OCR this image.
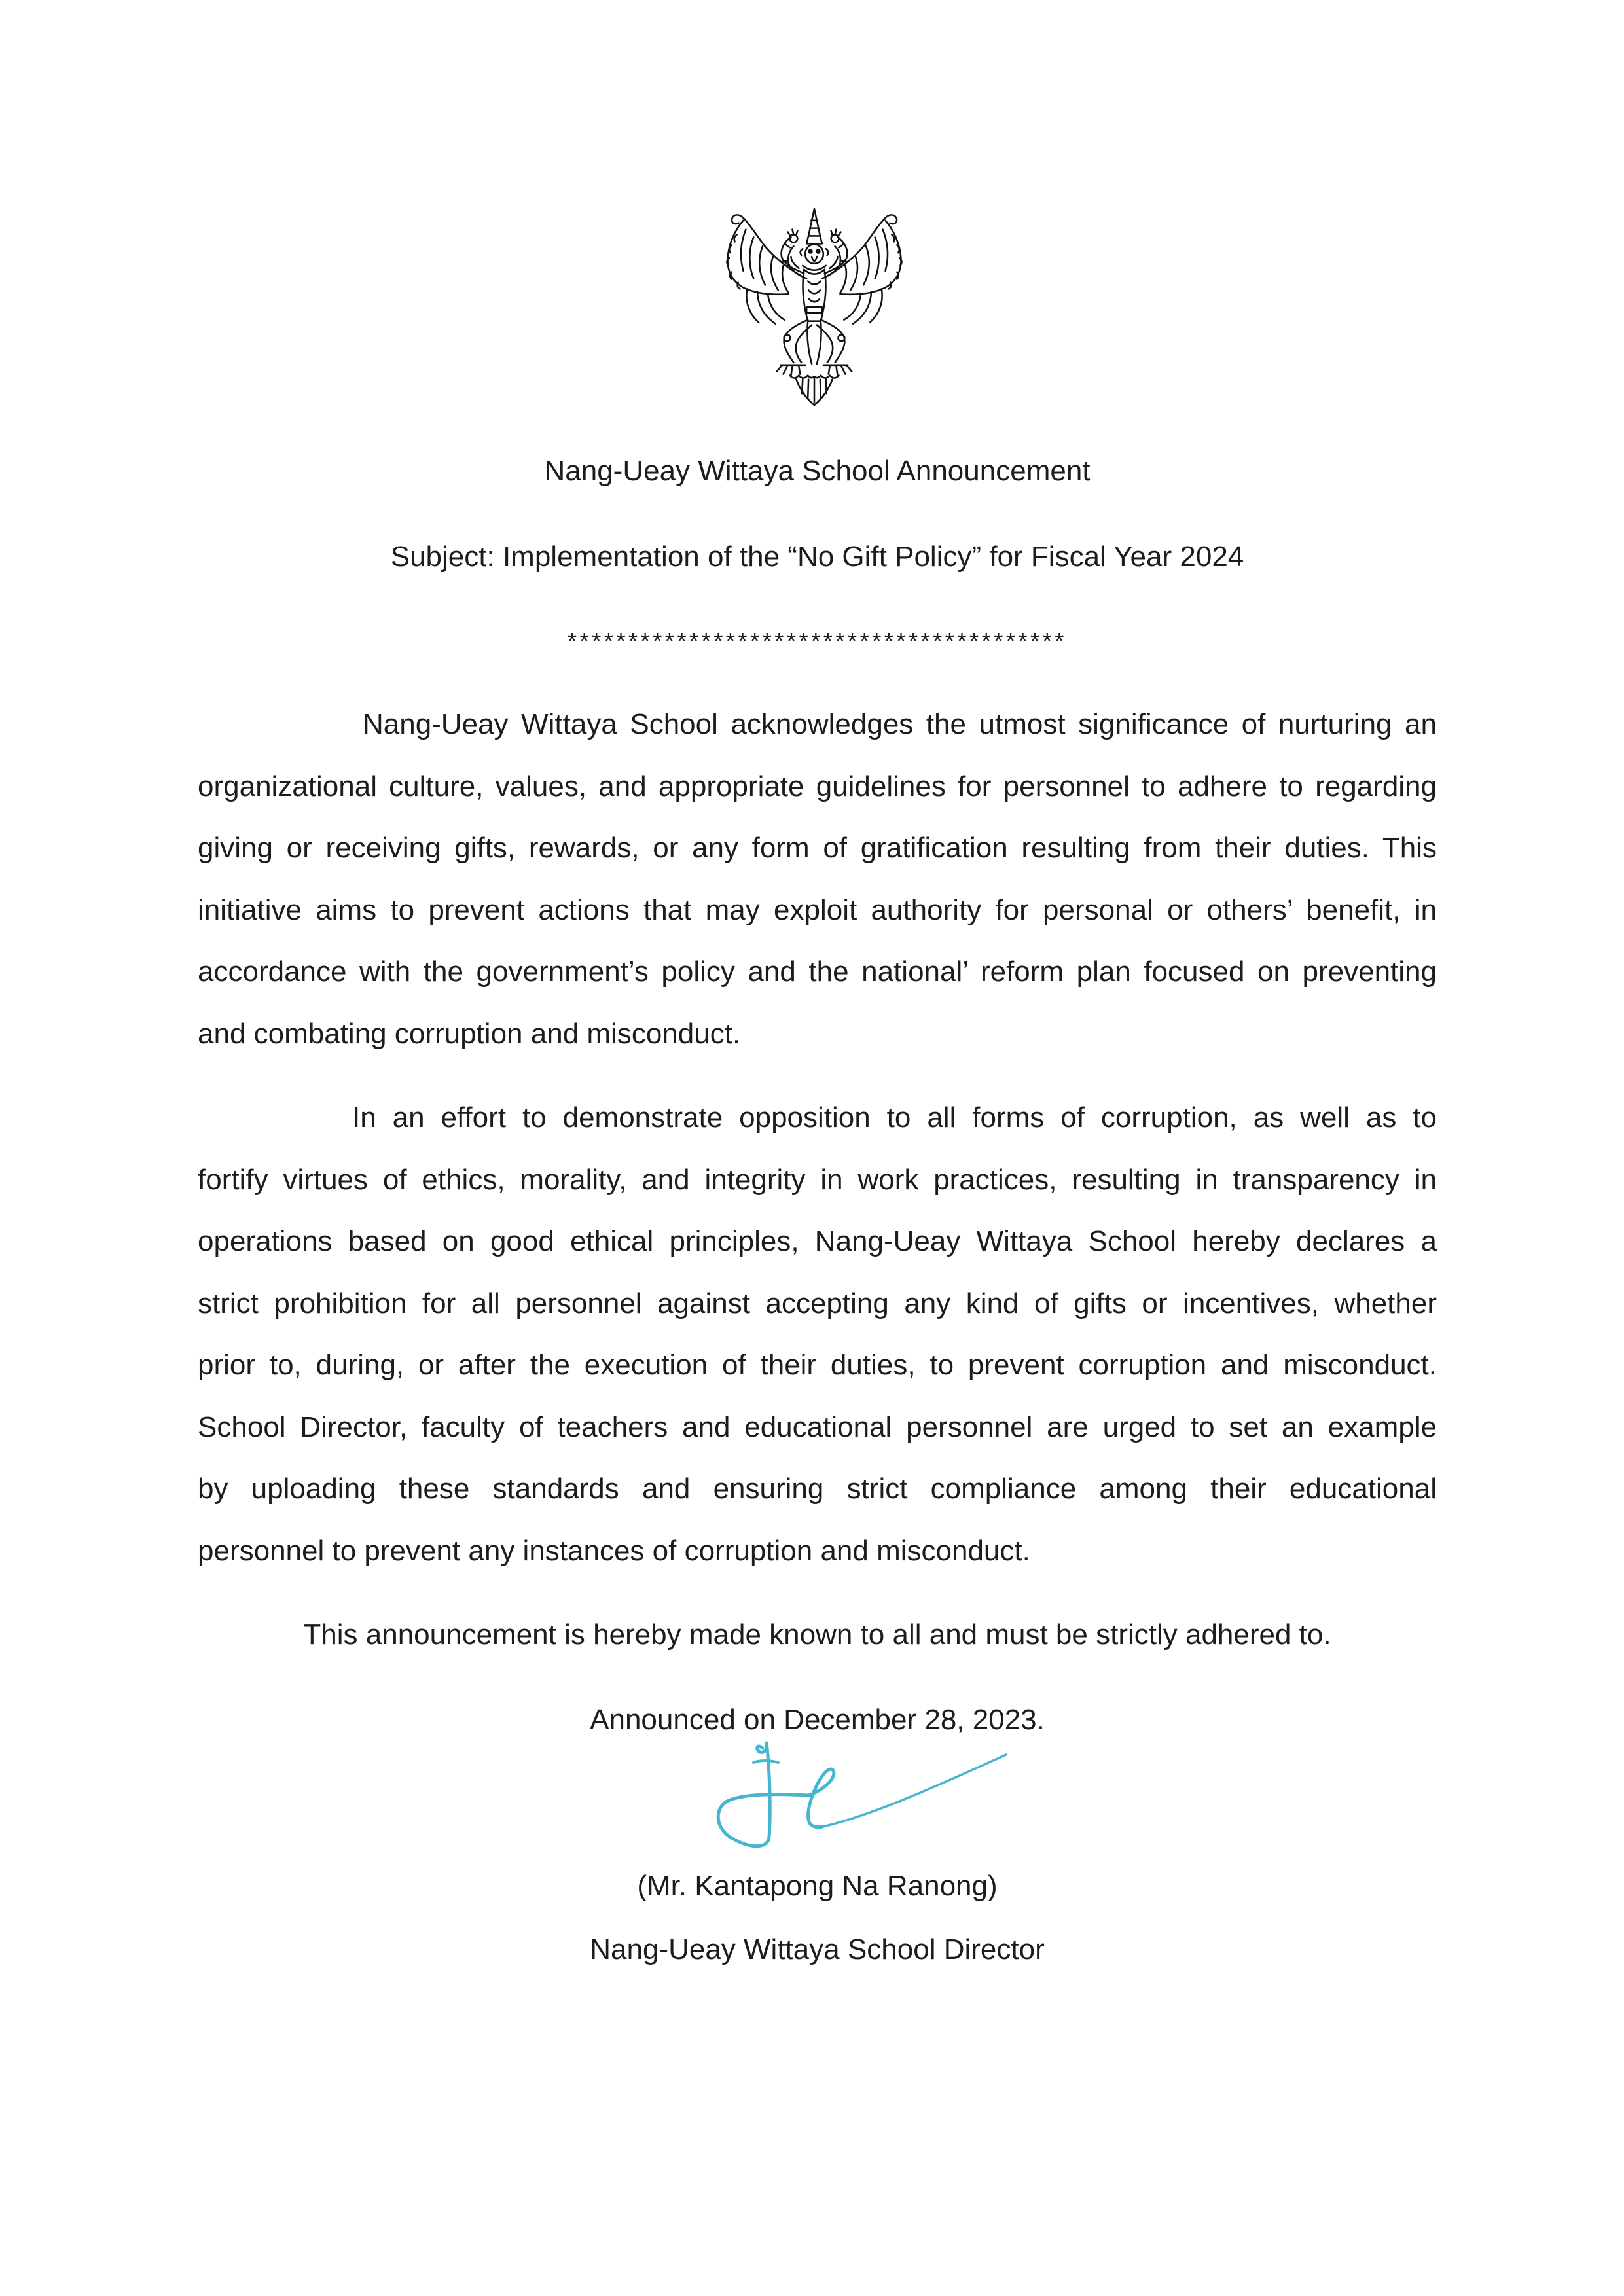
Nang-Ueay Wittaya School Announcement
Subject: Implementation of the “No Gift Policy” for Fiscal Year 2024
*****************************************
Nang-Ueay Wittaya School acknowledges the utmost significance of nurturing an
organizational culture, values, and appropriate guidelines for personnel to adhere to regarding
giving or receiving gifts, rewards, or any form of gratification resulting from their duties. This
initiative aims to prevent actions that may exploit authority for personal or others’ benefit, in
accordance with the government’s policy and the national’ reform plan focused on preventing
and combating corruption and misconduct.
In an effort to demonstrate opposition to all forms of corruption, as well as to
fortify virtues of ethics, morality, and integrity in work practices, resulting in transparency in
operations based on good ethical principles, Nang-Ueay Wittaya School hereby declares a
strict prohibition for all personnel against accepting any kind of gifts or incentives, whether
prior to, during, or after the execution of their duties, to prevent corruption and misconduct.
School Director, faculty of teachers and educational personnel are urged to set an example
by uploading these standards and ensuring strict compliance among their educational
personnel to prevent any instances of corruption and misconduct.
This announcement is hereby made known to all and must be strictly adhered to.
Announced on December 28, 2023.
(Mr. Kantapong Na Ranong)
Nang-Ueay Wittaya School Director
